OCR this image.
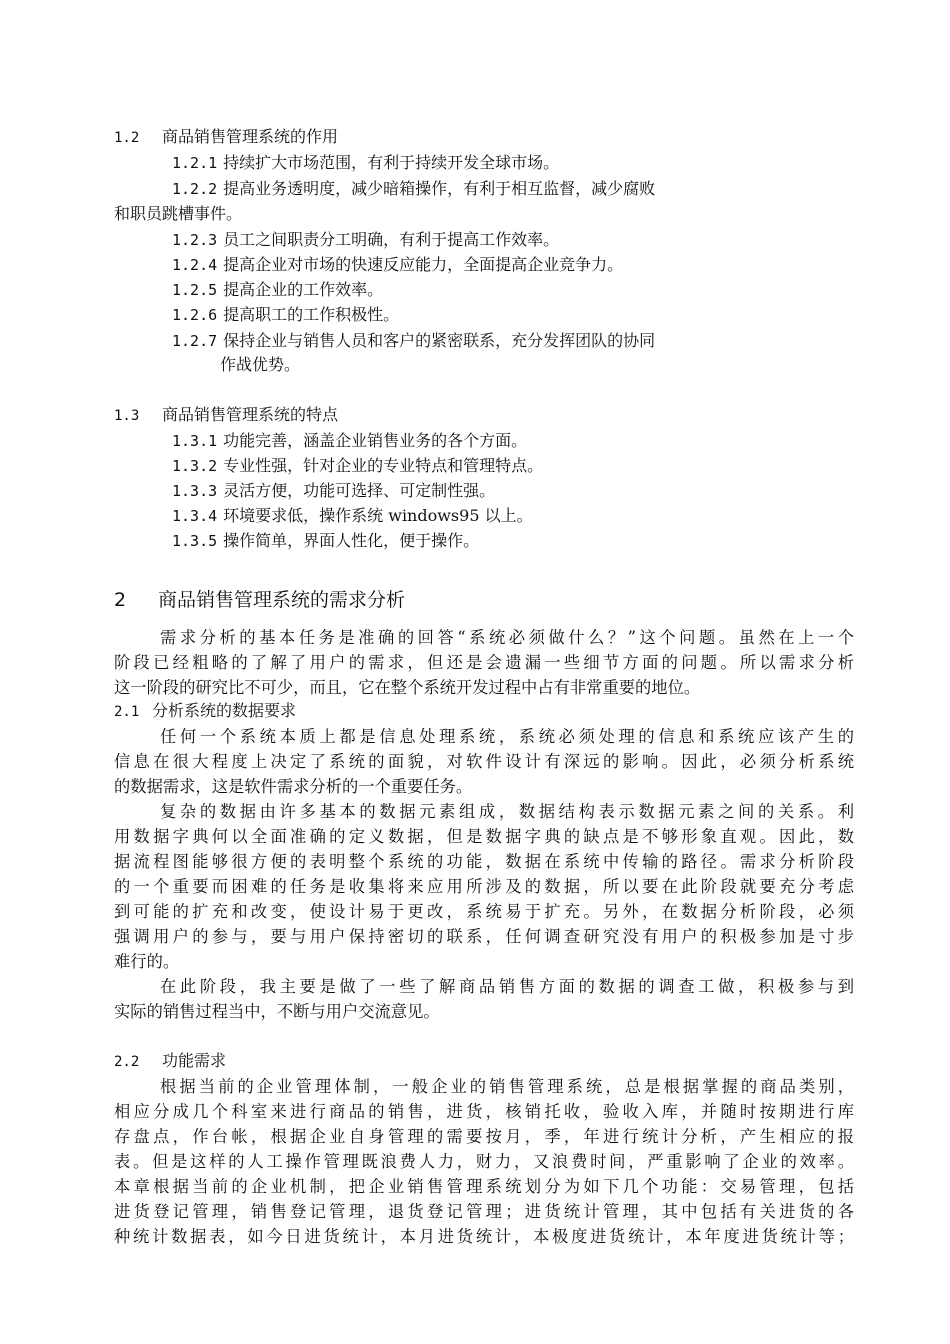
1.2 商品销售管理系统的作用
1.2.1 持续扩大市场范围，有利于持续开发全球市场。
1.2.2 提高业务透明度，减少暗箱操作，有利于相互监督，减少腐败
和职员跳槽事件。
1.2.3 员工之间职责分工明确，有利于提高工作效率。
1.2.4 提高企业对市场的快速反应能力，全面提高企业竞争力。
1.2.5 提高企业的工作效率。
1.2.6 提高职工的工作积极性。
1.2.7 保持企业与销售人员和客户的紧密联系，充分发挥团队的协同
作战优势。
1.3 商品销售管理系统的特点
1.3.1 功能完善，涵盖企业销售业务的各个方面。
1.3.2 专业性强，针对企业的专业特点和管理特点。
1.3.3 灵活方便，功能可选择、可定制性强。
1.3.4 环境要求低，操作系统 windows95 以上。
1.3.5 操作简单，界面人性化，便于操作。
2 商品销售管理系统的需求分析
需求分析的基本任务是准确的回答“系统必须做什么？”这个问题。虽然在上一个
阶段已经粗略的了解了用户的需求，但还是会遗漏一些细节方面的问题。所以需求分析
这一阶段的研究比不可少，而且，它在整个系统开发过程中占有非常重要的地位。
2.1 分析系统的数据要求
任何一个系统本质上都是信息处理系统，系统必须处理的信息和系统应该产生的
信息在很大程度上决定了系统的面貌，对软件设计有深远的影响。因此，必须分析系统
的数据需求，这是软件需求分析的一个重要任务。
复杂的数据由许多基本的数据元素组成，数据结构表示数据元素之间的关系。利
用数据字典何以全面准确的定义数据，但是数据字典的缺点是不够形象直观。因此，数
据流程图能够很方便的表明整个系统的功能，数据在系统中传输的路径。需求分析阶段
的一个重要而困难的任务是收集将来应用所涉及的数据，所以要在此阶段就要充分考虑
到可能的扩充和改变，使设计易于更改，系统易于扩充。另外，在数据分析阶段，必须
强调用户的参与，要与用户保持密切的联系，任何调查研究没有用户的积极参加是寸步
难行的。
在此阶段，我主要是做了一些了解商品销售方面的数据的调查工做，积极参与到
实际的销售过程当中，不断与用户交流意见。
2.2 功能需求
根据当前的企业管理体制，一般企业的销售管理系统，总是根据掌握的商品类别，
相应分成几个科室来进行商品的销售，进货，核销托收，验收入库，并随时按期进行库
存盘点，作台帐，根据企业自身管理的需要按月，季，年进行统计分析，产生相应的报
表。但是这样的人工操作管理既浪费人力，财力，又浪费时间，严重影响了企业的效率。
本章根据当前的企业机制，把企业销售管理系统划分为如下几个功能：交易管理，包括
进货登记管理，销售登记管理，退货登记管理；进货统计管理，其中包括有关进货的各
种统计数据表，如今日进货统计，本月进货统计，本极度进货统计，本年度进货统计等；
